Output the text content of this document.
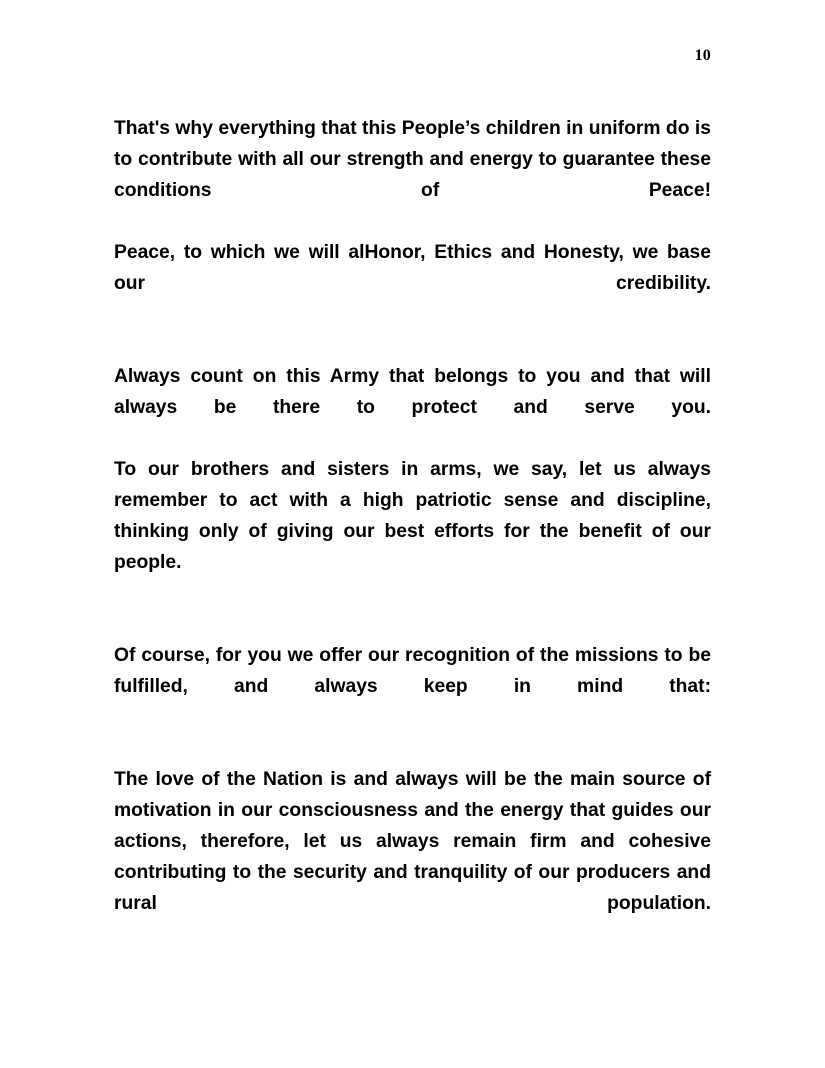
10

That's why everything that this People’s children in uniform do is to contribute with all our strength and energy to guarantee these conditions of Peace!

Peace, to which we will alHonor, Ethics and Honesty, we base our credibility.

Always count on this Army that belongs to you and that will always be there to protect and serve you.

To our brothers and sisters in arms, we say, let us always remember to act with a high patriotic sense and discipline, thinking only of giving our best efforts for the benefit of our people.

Of course, for you we offer our recognition of the missions to be fulfilled, and always keep in mind that:

The love of the Nation is and always will be the main source of motivation in our consciousness and the energy that guides our actions, therefore, let us always remain firm and cohesive contributing to the security and tranquility of our producers and rural population.
